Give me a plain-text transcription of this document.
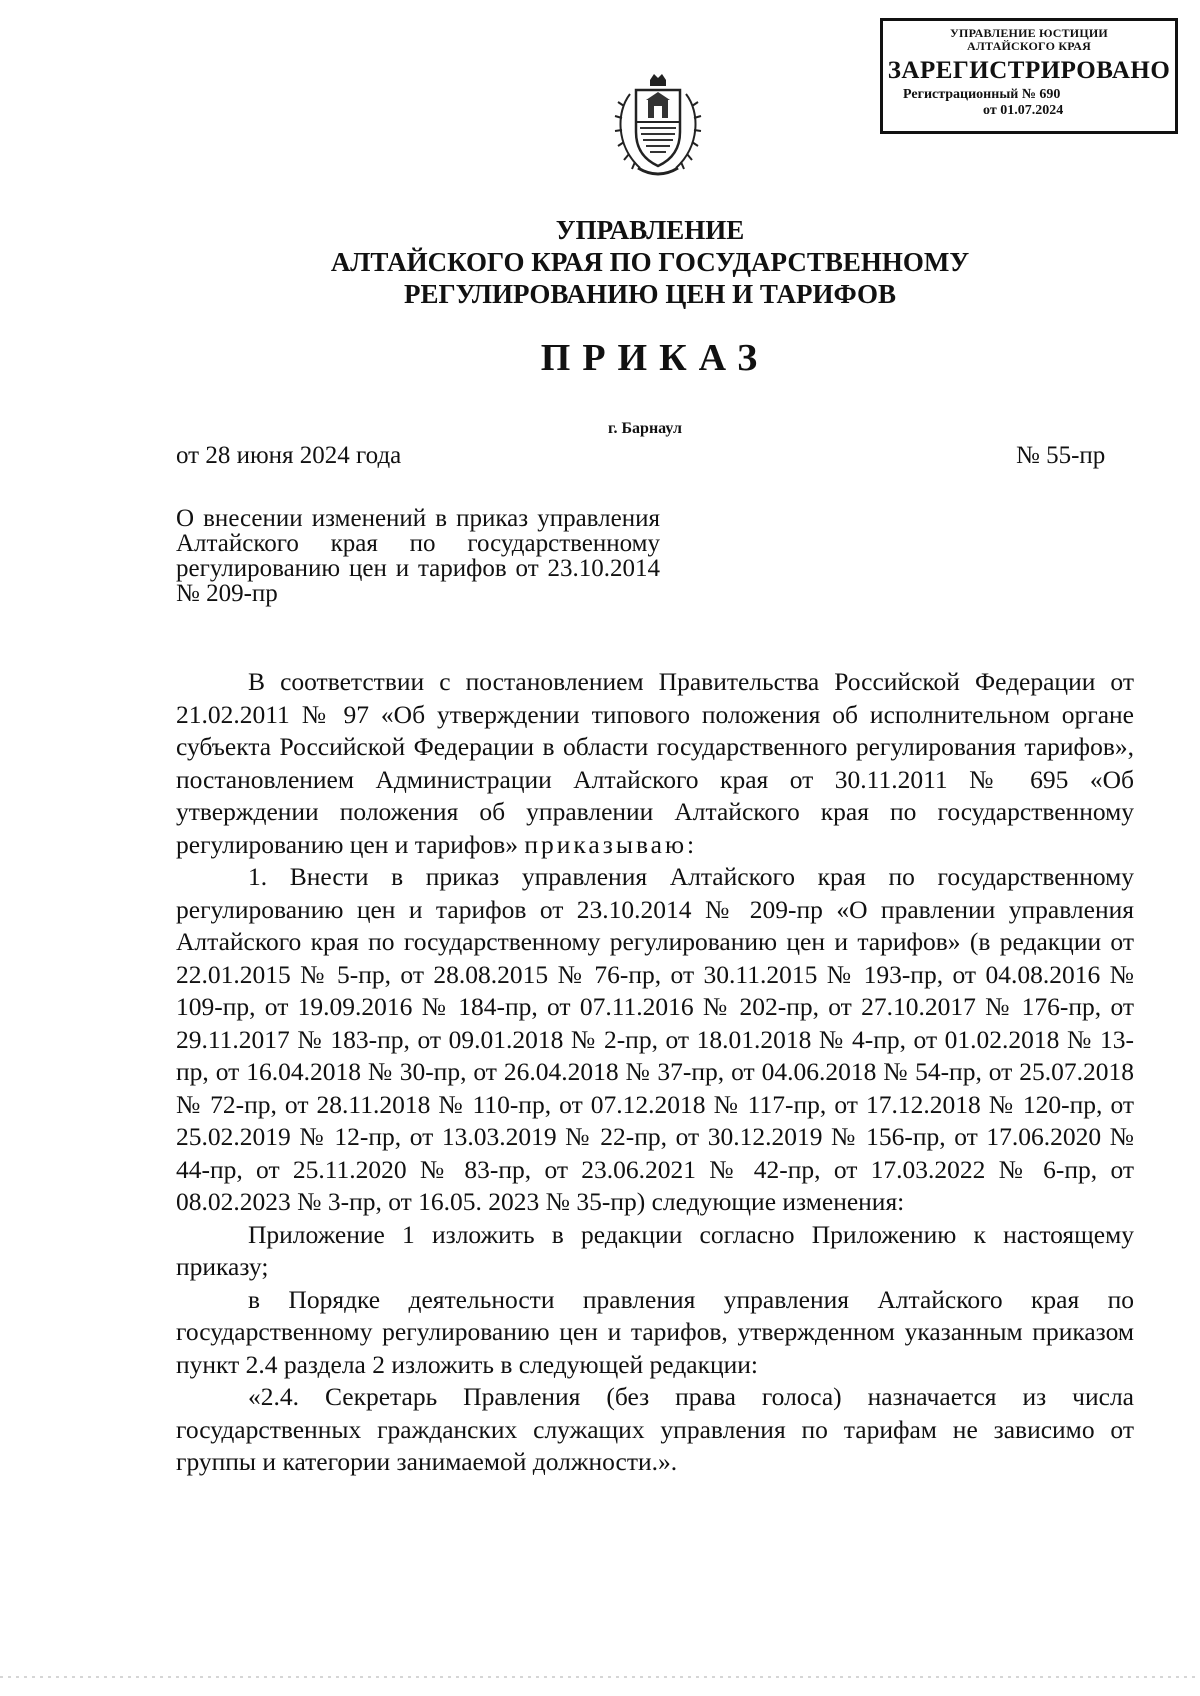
УПРАВЛЕНИЕ ЮСТИЦИИ
АЛТАЙСКОГО КРАЯ
ЗАРЕГИСТРИРОВАНО
Регистрационный № 690
от 01.07.2024
УПРАВЛЕНИЕ
АЛТАЙСКОГО КРАЯ ПО ГОСУДАРСТВЕННОМУ
РЕГУЛИРОВАНИЮ ЦЕН И ТАРИФОВ
ПРИКАЗ
г. Барнаул
от 28 июня 2024 года	№ 55-пр
О внесении изменений в приказ управления Алтайского края по государственному регулированию цен и тарифов от 23.10.2014 № 209-пр

В соответствии с постановлением Правительства Российской Федерации от 21.02.2011 № 97 «Об утверждении типового положения об исполнительном органе субъекта Российской Федерации в области государственного регулирования тарифов», постановлением Администрации Алтайского края от 30.11.2011 № 695 «Об утверждении положения об управлении Алтайского края по государственному регулированию цен и тарифов» приказываю:

1. Внести в приказ управления Алтайского края по государственному регулированию цен и тарифов от 23.10.2014 № 209-пр «О правлении управления Алтайского края по государственному регулированию цен и тарифов» (в редакции от 22.01.2015 № 5-пр, от 28.08.2015 № 76-пр, от 30.11.2015 № 193-пр, от 04.08.2016 № 109-пр, от 19.09.2016 № 184-пр, от 07.11.2016 № 202-пр, от 27.10.2017 № 176-пр, от 29.11.2017 № 183-пр, от 09.01.2018 № 2-пр, от 18.01.2018 № 4-пр, от 01.02.2018 № 13-пр, от 16.04.2018 № 30-пр, от 26.04.2018 № 37-пр, от 04.06.2018 № 54-пр, от 25.07.2018 № 72-пр, от 28.11.2018 № 110-пр, от 07.12.2018 № 117-пр, от 17.12.2018 № 120-пр, от 25.02.2019 № 12-пр, от 13.03.2019 № 22-пр, от 30.12.2019 № 156-пр, от 17.06.2020 № 44-пр, от 25.11.2020 № 83-пр, от 23.06.2021 № 42-пр, от 17.03.2022 № 6-пр, от 08.02.2023 № 3-пр, от 16.05. 2023 № 35-пр) следующие изменения:

Приложение 1 изложить в редакции согласно Приложению к настоящему приказу;

в Порядке деятельности правления управления Алтайского края по государственному регулированию цен и тарифов, утвержденном указанным приказом пункт 2.4 раздела 2 изложить в следующей редакции:

«2.4. Секретарь Правления (без права голоса) назначается из числа государственных гражданских служащих управления по тарифам не зависимо от группы и категории занимаемой должности.».
